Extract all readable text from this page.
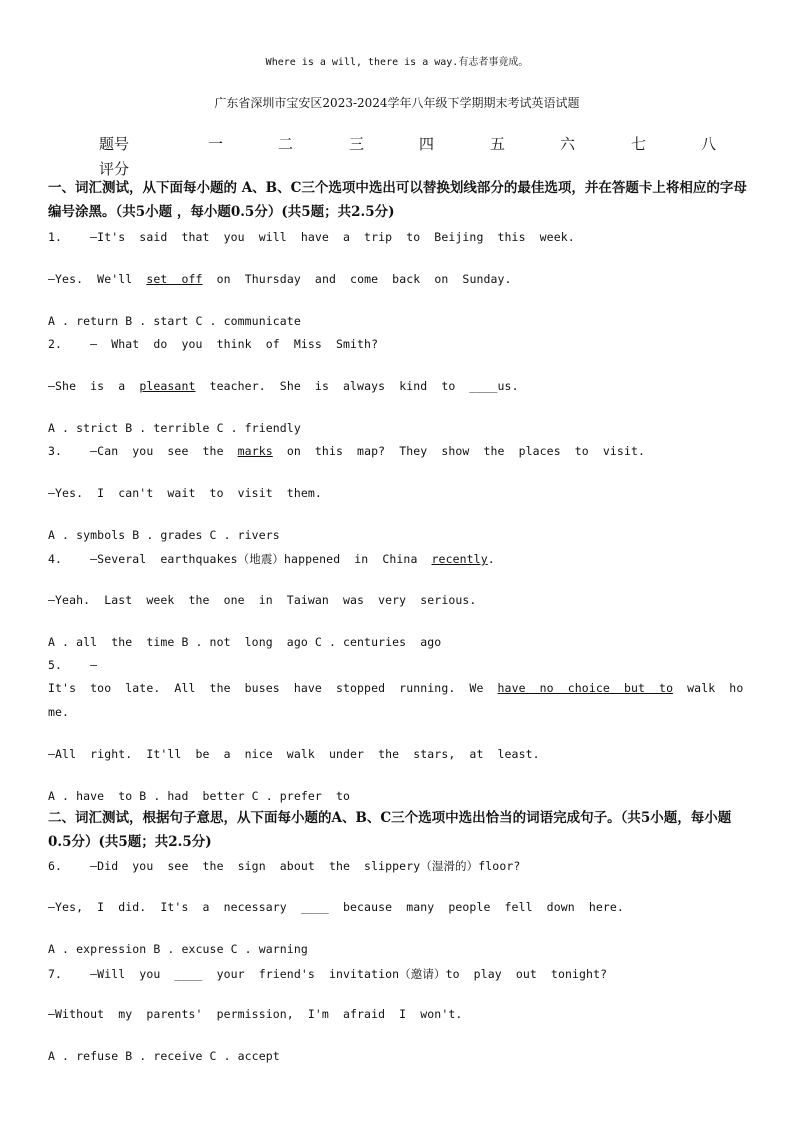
Where is a will, there is a way.有志者事竟成。
广东省深圳市宝安区2023-2024学年八年级下学期期末考试英语试题
题号	一	二	三	四	五	六	七	八
评分
一、词汇测试，从下面每小题的 A、B、C三个选项中选出可以替换划线部分的最佳选项，并在答题卡上将相应的字母编号涂黑。（共5小题 ，每小题0.5分）(共5题；共2.5分)
1.    —It's  said  that  you  will  have  a  trip  to  Beijing  this  week.
—Yes.  We'll  set  off  on  Thursday  and  come  back  on  Sunday.
A . return B . start C . communicate
2.    —  What  do  you  think  of  Miss  Smith?
—She  is  a  pleasant  teacher.  She  is  always  kind  to  ____us.
A . strict B . terrible C . friendly
3.    —Can  you  see  the  marks  on  this  map?  They  show  the  places  to  visit.
—Yes.  I  can't  wait  to  visit  them.
A . symbols B . grades C . rivers
4.    —Several  earthquakes（地震）happened  in  China  recently.
—Yeah.  Last  week  the  one  in  Taiwan  was  very  serious.
A . all  the  time B . not  long  ago C . centuries  ago
5.    —
It's  too  late.  All  the  buses  have  stopped  running.  We  have  no  choice  but  to  walk  ho
me.
—All  right.  It'll  be  a  nice  walk  under  the  stars,  at  least.
A . have  to B . had  better C . prefer  to
二、词汇测试，根据句子意思，从下面每小题的A、B、C三个选项中选出恰当的词语完成句子。（共5小题，每小题0.5分）(共5题；共2.5分)
6.    —Did  you  see  the  sign  about  the  slippery（湿滑的）floor?
—Yes,  I  did.  It's  a  necessary  ____  because  many  people  fell  down  here.
A . expression B . excuse C . warning
7.    —Will  you  ____  your  friend's  invitation（邀请）to  play  out  tonight?
—Without  my  parents'  permission,  I'm  afraid  I  won't.
A . refuse B . receive C . accept
